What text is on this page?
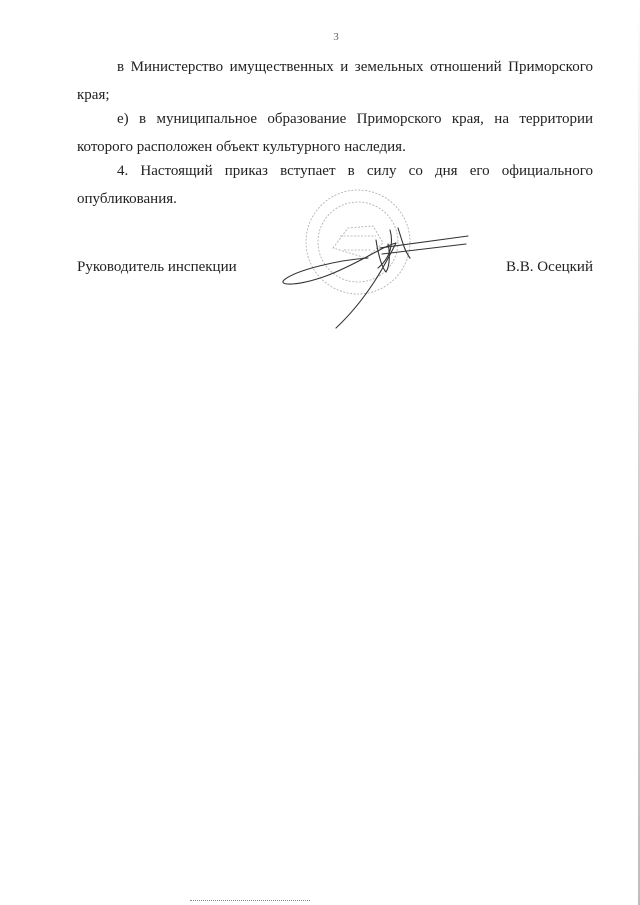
3

в Министерство имущественных и земельных отношений Приморского края;

е) в муниципальное образование Приморского края, на территории которого расположен объект культурного наследия.

4. Настоящий приказ вступает в силу со дня его официального опубликования.

Руководитель инспекции	В.В. Осецкий
